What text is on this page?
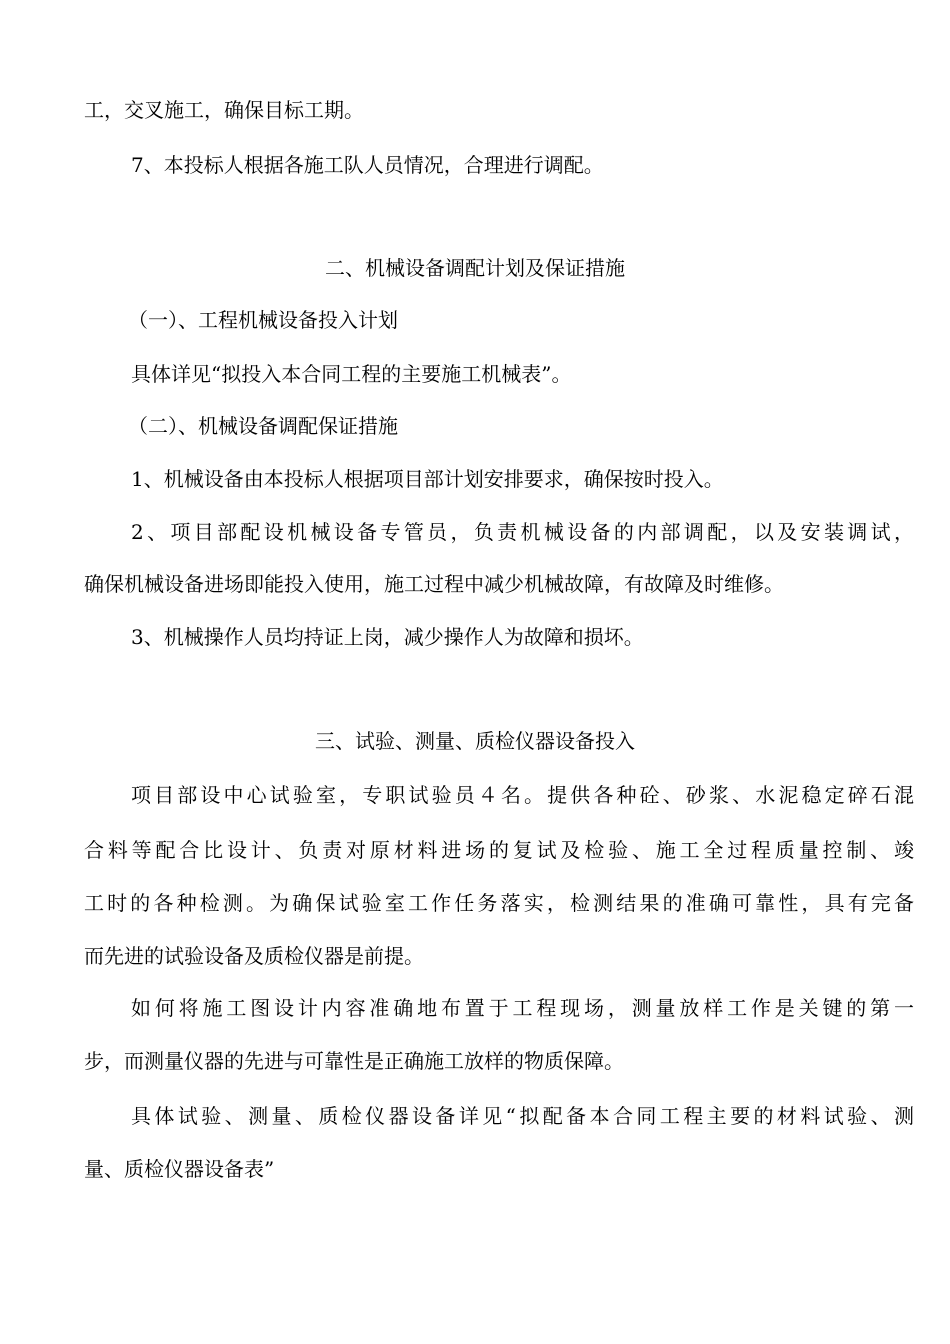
工，交叉施工，确保目标工期。
7、本投标人根据各施工队人员情况，合理进行调配。
二、机械设备调配计划及保证措施
（一）、工程机械设备投入计划
具体详见“拟投入本合同工程的主要施工机械表”。
（二）、机械设备调配保证措施
1、机械设备由本投标人根据项目部计划安排要求，确保按时投入。
2、项目部配设机械设备专管员，负责机械设备的内部调配，以及安装调试，
确保机械设备进场即能投入使用，施工过程中减少机械故障，有故障及时维修。
3、机械操作人员均持证上岗，减少操作人为故障和损坏。
三、试验、测量、质检仪器设备投入
项目部设中心试验室，专职试验员４名。提供各种砼、砂浆、水泥稳定碎石混
合料等配合比设计、负责对原材料进场的复试及检验、施工全过程质量控制、竣
工时的各种检测。为确保试验室工作任务落实，检测结果的准确可靠性，具有完备
而先进的试验设备及质检仪器是前提。
如何将施工图设计内容准确地布置于工程现场，测量放样工作是关键的第一
步，而测量仪器的先进与可靠性是正确施工放样的物质保障。
具体试验、测量、质检仪器设备详见“拟配备本合同工程主要的材料试验、测
量、质检仪器设备表”
